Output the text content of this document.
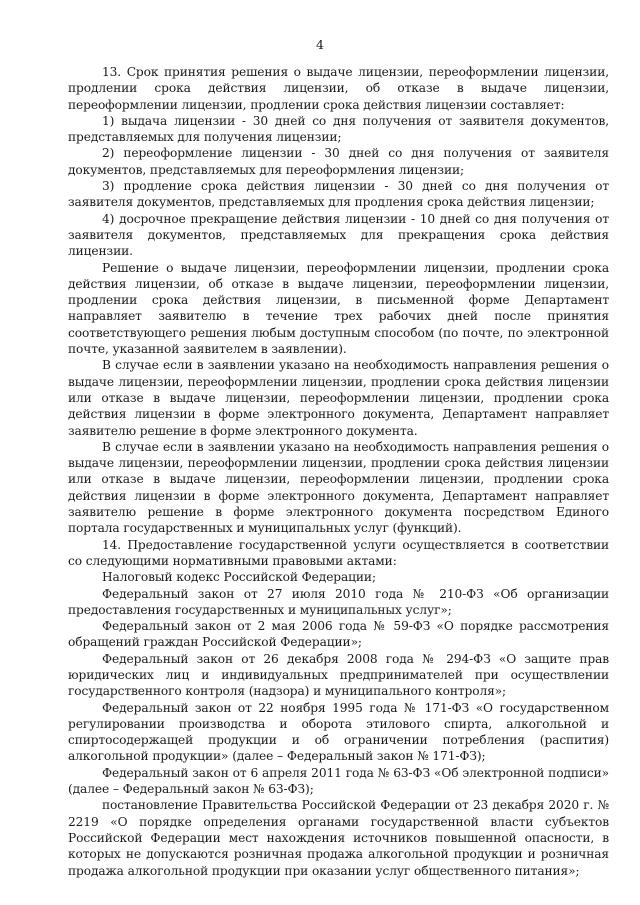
4

13. Срок принятия решения о выдаче лицензии, переоформлении лицензии, продлении срока действия лицензии, об отказе в выдаче лицензии, переоформлении лицензии, продлении срока действия лицензии составляет:

1) выдача лицензии - 30 дней со дня получения от заявителя документов, представляемых для получения лицензии;

2) переоформление лицензии - 30 дней со дня получения от заявителя документов, представляемых для переоформления лицензии;

3) продление срока действия лицензии - 30 дней со дня получения от заявителя документов, представляемых для продления срока действия лицензии;

4) досрочное прекращение действия лицензии - 10 дней со дня получения от заявителя документов, представляемых для прекращения срока действия лицензии.

Решение о выдаче лицензии, переоформлении лицензии, продлении срока действия лицензии, об отказе в выдаче лицензии, переоформлении лицензии, продлении срока действия лицензии, в письменной форме Департамент направляет заявителю в течение трех рабочих дней после принятия соответствующего решения любым доступным способом (по почте, по электронной почте, указанной заявителем в заявлении).

В случае если в заявлении указано на необходимость направления решения о выдаче лицензии, переоформлении лицензии, продлении срока действия лицензии или отказе в выдаче лицензии, переоформлении лицензии, продлении срока действия лицензии в форме электронного документа, Департамент направляет заявителю решение в форме электронного документа.

В случае если в заявлении указано на необходимость направления решения о выдаче лицензии, переоформлении лицензии, продлении срока действия лицензии или отказе в выдаче лицензии, переоформлении лицензии, продлении срока действия лицензии в форме электронного документа, Департамент направляет заявителю решение в форме электронного документа посредством Единого портала государственных и муниципальных услуг (функций).

14. Предоставление государственной услуги осуществляется в соответствии со следующими нормативными правовыми актами:

Налоговый кодекс Российской Федерации;

Федеральный закон от 27 июля 2010 года № 210-ФЗ «Об организации предоставления государственных и муниципальных услуг»;

Федеральный закон от 2 мая 2006 года № 59-ФЗ «О порядке рассмотрения обращений граждан Российской Федерации»;

Федеральный закон от 26 декабря 2008 года № 294-ФЗ «О защите прав юридических лиц и индивидуальных предпринимателей при осуществлении государственного контроля (надзора) и муниципального контроля»;

Федеральный закон от 22 ноября 1995 года № 171-ФЗ «О государственном регулировании производства и оборота этилового спирта, алкогольной и спиртосодержащей продукции и об ограничении потребления (распития) алкогольной продукции» (далее – Федеральный закон № 171-ФЗ);

Федеральный закон от 6 апреля 2011 года № 63-ФЗ «Об электронной подписи» (далее – Федеральный закон № 63-ФЗ);

постановление Правительства Российской Федерации от 23 декабря 2020 г. № 2219 «О порядке определения органами государственной власти субъектов Российской Федерации мест нахождения источников повышенной опасности, в которых не допускаются розничная продажа алкогольной продукции и розничная продажа алкогольной продукции при оказании услуг общественного питания»;
